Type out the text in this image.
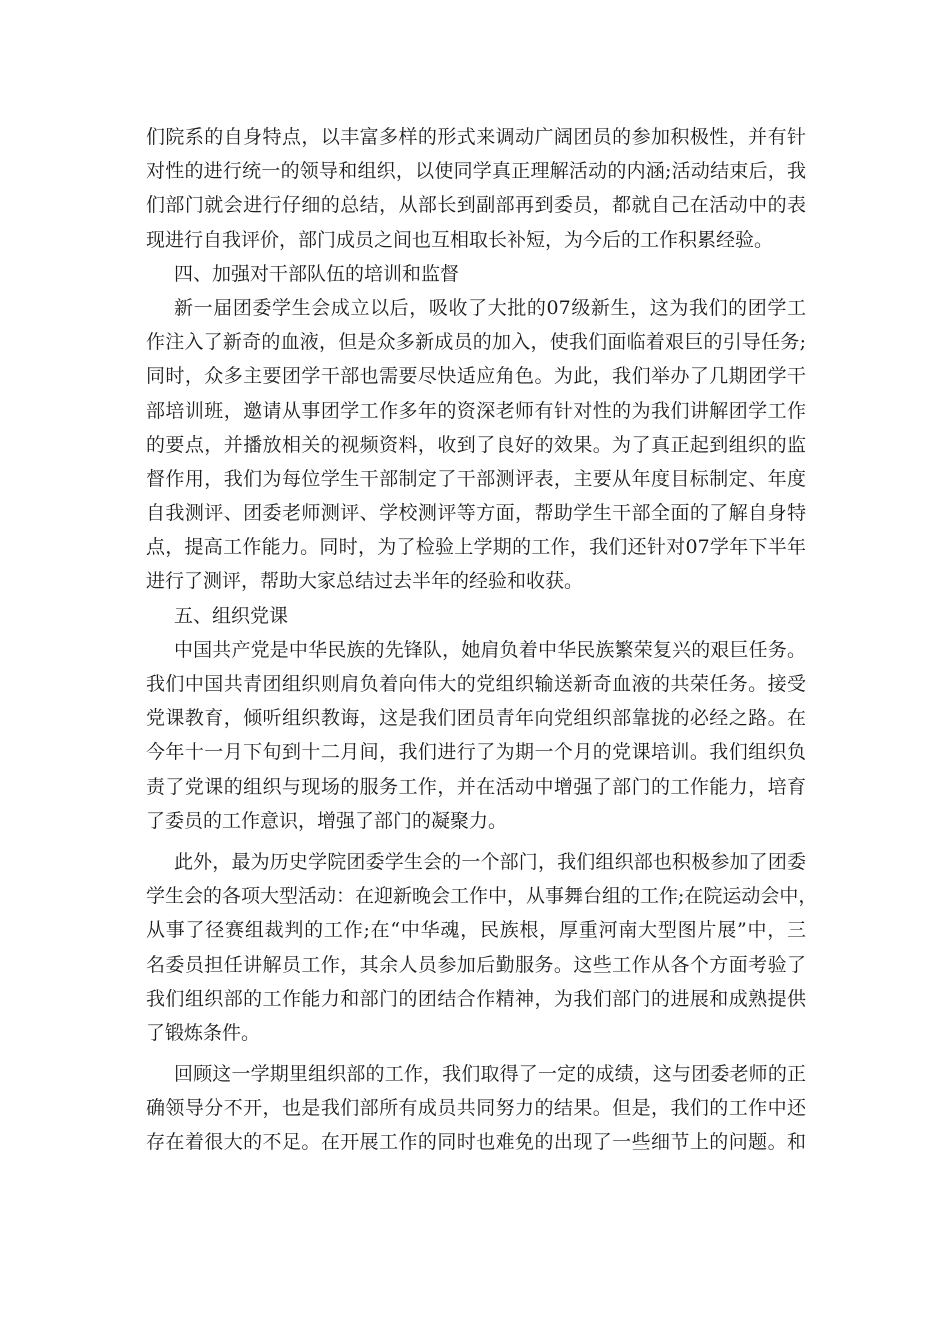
们院系的自身特点，以丰富多样的形式来调动广阔团员的参加积极性，并有针
对性的进行统一的领导和组织，以使同学真正理解活动的内涵;活动结束后，我
们部门就会进行仔细的总结，从部长到副部再到委员，都就自己在活动中的表
现进行自我评价，部门成员之间也互相取长补短，为今后的工作积累经验。
四、加强对干部队伍的培训和监督
新一届团委学生会成立以后，吸收了大批的07级新生，这为我们的团学工
作注入了新奇的血液，但是众多新成员的加入，使我们面临着艰巨的引导任务;
同时，众多主要团学干部也需要尽快适应角色。为此，我们举办了几期团学干
部培训班，邀请从事团学工作多年的资深老师有针对性的为我们讲解团学工作
的要点，并播放相关的视频资料，收到了良好的效果。为了真正起到组织的监
督作用，我们为每位学生干部制定了干部测评表，主要从年度目标制定、年度
自我测评、团委老师测评、学校测评等方面，帮助学生干部全面的了解自身特
点，提高工作能力。同时，为了检验上学期的工作，我们还针对07学年下半年
进行了测评，帮助大家总结过去半年的经验和收获。
五、组织党课
中国共产党是中华民族的先锋队，她肩负着中华民族繁荣复兴的艰巨任务。
我们中国共青团组织则肩负着向伟大的党组织输送新奇血液的共荣任务。接受
党课教育，倾听组织教诲，这是我们团员青年向党组织部靠拢的必经之路。在
今年十一月下旬到十二月间，我们进行了为期一个月的党课培训。我们组织负
责了党课的组织与现场的服务工作，并在活动中增强了部门的工作能力，培育
了委员的工作意识，增强了部门的凝聚力。
此外，最为历史学院团委学生会的一个部门，我们组织部也积极参加了团委
学生会的各项大型活动：在迎新晚会工作中，从事舞台组的工作;在院运动会中，
从事了径赛组裁判的工作;在“中华魂，民族根，厚重河南大型图片展”中，三
名委员担任讲解员工作，其余人员参加后勤服务。这些工作从各个方面考验了
我们组织部的工作能力和部门的团结合作精神，为我们部门的进展和成熟提供
了锻炼条件。
回顾这一学期里组织部的工作，我们取得了一定的成绩，这与团委老师的正
确领导分不开，也是我们部所有成员共同努力的结果。但是，我们的工作中还
存在着很大的不足。在开展工作的同时也难免的出现了一些细节上的问题。和
